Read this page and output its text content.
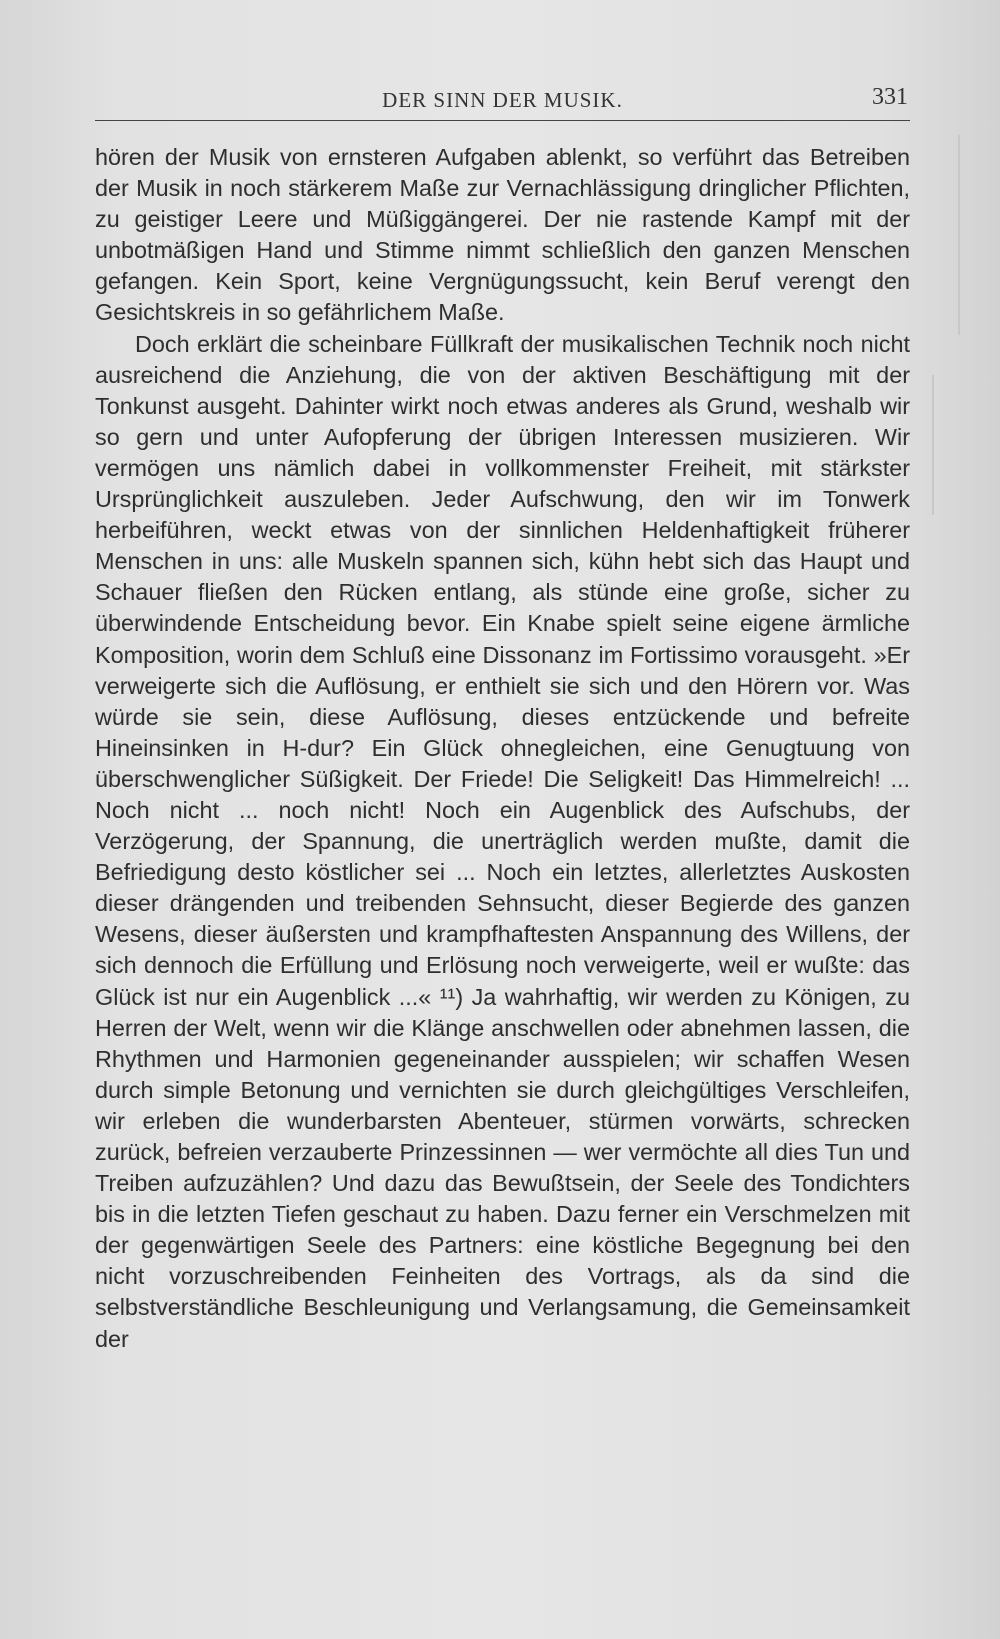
DER SINN DER MUSIK.	331

hören der Musik von ernsteren Aufgaben ablenkt, so verführt das Betreiben der Musik in noch stärkerem Maße zur Vernachlässigung dringlicher Pflichten, zu geistiger Leere und Müßiggängerei. Der nie rastende Kampf mit der unbotmäßigen Hand und Stimme nimmt schließlich den ganzen Menschen gefangen. Kein Sport, keine Vergnügungssucht, kein Beruf verengt den Gesichtskreis in so gefährlichem Maße.

Doch erklärt die scheinbare Füllkraft der musikalischen Technik noch nicht ausreichend die Anziehung, die von der aktiven Beschäftigung mit der Tonkunst ausgeht. Dahinter wirkt noch etwas anderes als Grund, weshalb wir so gern und unter Aufopferung der übrigen Interessen musizieren. Wir vermögen uns nämlich dabei in vollkommenster Freiheit, mit stärkster Ursprünglichkeit auszuleben. Jeder Aufschwung, den wir im Tonwerk herbeiführen, weckt etwas von der sinnlichen Heldenhaftigkeit früherer Menschen in uns: alle Muskeln spannen sich, kühn hebt sich das Haupt und Schauer fließen den Rücken entlang, als stünde eine große, sicher zu überwindende Entscheidung bevor. Ein Knabe spielt seine eigene ärmliche Komposition, worin dem Schluß eine Dissonanz im Fortissimo vorausgeht. »Er verweigerte sich die Auflösung, er enthielt sie sich und den Hörern vor. Was würde sie sein, diese Auflösung, dieses entzückende und befreite Hineinsinken in H-dur? Ein Glück ohnegleichen, eine Genugtuung von überschwenglicher Süßigkeit. Der Friede! Die Seligkeit! Das Himmelreich! ... Noch nicht ... noch nicht! Noch ein Augenblick des Aufschubs, der Verzögerung, der Spannung, die unerträglich werden mußte, damit die Befriedigung desto köstlicher sei ... Noch ein letztes, allerletztes Auskosten dieser drängenden und treibenden Sehnsucht, dieser Begierde des ganzen Wesens, dieser äußersten und krampfhaftesten Anspannung des Willens, der sich dennoch die Erfüllung und Erlösung noch verweigerte, weil er wußte: das Glück ist nur ein Augenblick ...« ¹¹) Ja wahrhaftig, wir werden zu Königen, zu Herren der Welt, wenn wir die Klänge anschwellen oder abnehmen lassen, die Rhythmen und Harmonien gegeneinander ausspielen; wir schaffen Wesen durch simple Betonung und vernichten sie durch gleichgültiges Verschleifen, wir erleben die wunderbarsten Abenteuer, stürmen vorwärts, schrecken zurück, befreien verzauberte Prinzessinnen — wer vermöchte all dies Tun und Treiben aufzuzählen? Und dazu das Bewußtsein, der Seele des Tondichters bis in die letzten Tiefen geschaut zu haben. Dazu ferner ein Verschmelzen mit der gegenwärtigen Seele des Partners: eine köstliche Begegnung bei den nicht vorzuschreibenden Feinheiten des Vortrags, als da sind die selbstverständliche Beschleunigung und Verlangsamung, die Gemeinsamkeit der
